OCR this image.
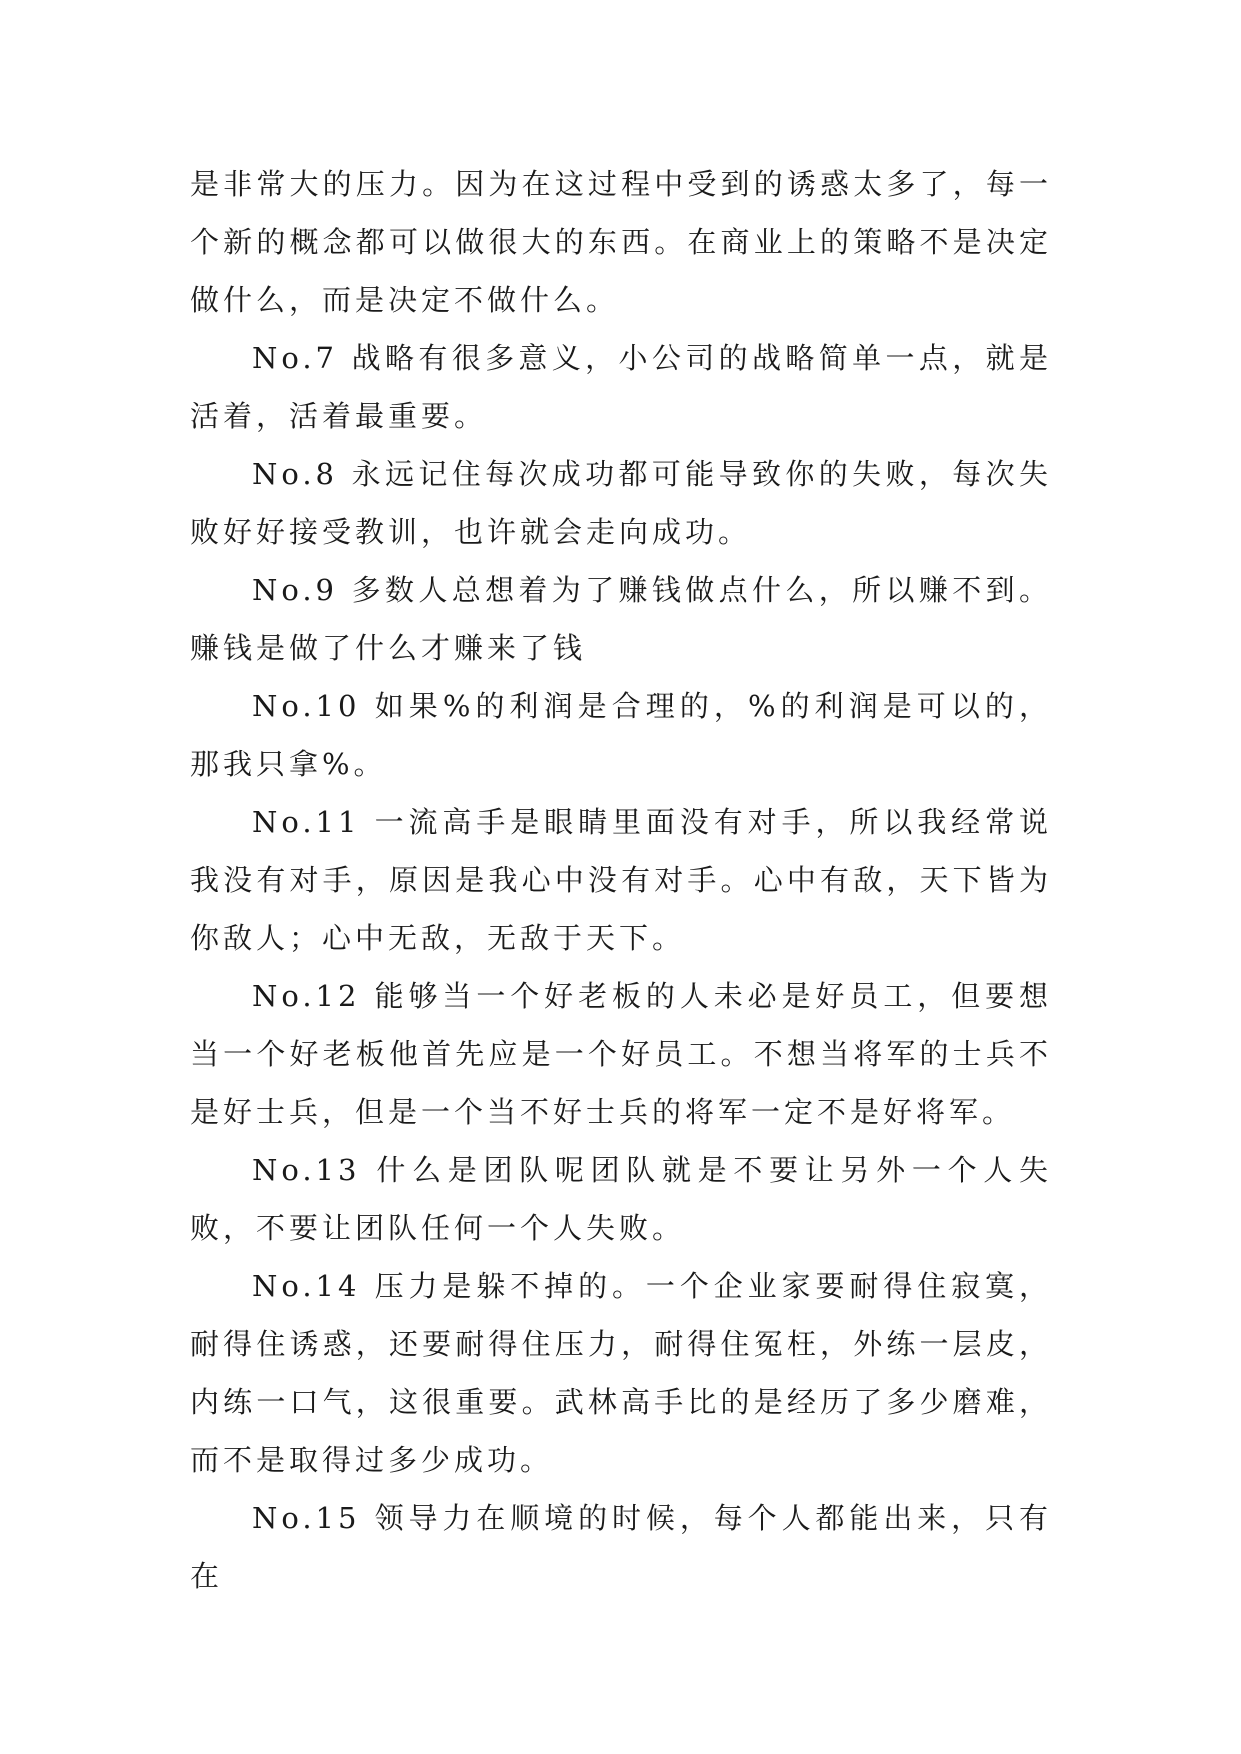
是非常大的压力。因为在这过程中受到的诱惑太多了，每一个新的概念都可以做很大的东西。在商业上的策略不是决定做什么，而是决定不做什么。

No.7 战略有很多意义，小公司的战略简单一点，就是活着，活着最重要。

No.8 永远记住每次成功都可能导致你的失败，每次失败好好接受教训，也许就会走向成功。

No.9 多数人总想着为了赚钱做点什么，所以赚不到。赚钱是做了什么才赚来了钱

No.10 如果%的利润是合理的，%的利润是可以的，那我只拿%。

No.11 一流高手是眼睛里面没有对手，所以我经常说我没有对手，原因是我心中没有对手。心中有敌，天下皆为你敌人；心中无敌，无敌于天下。

No.12 能够当一个好老板的人未必是好员工，但要想当一个好老板他首先应是一个好员工。不想当将军的士兵不是好士兵，但是一个当不好士兵的将军一定不是好将军。

No.13 什么是团队呢团队就是不要让另外一个人失败，不要让团队任何一个人失败。

No.14 压力是躲不掉的。一个企业家要耐得住寂寞，耐得住诱惑，还要耐得住压力，耐得住冤枉，外练一层皮，内练一口气，这很重要。武林高手比的是经历了多少磨难，而不是取得过多少成功。

No.15 领导力在顺境的时候，每个人都能出来，只有在
